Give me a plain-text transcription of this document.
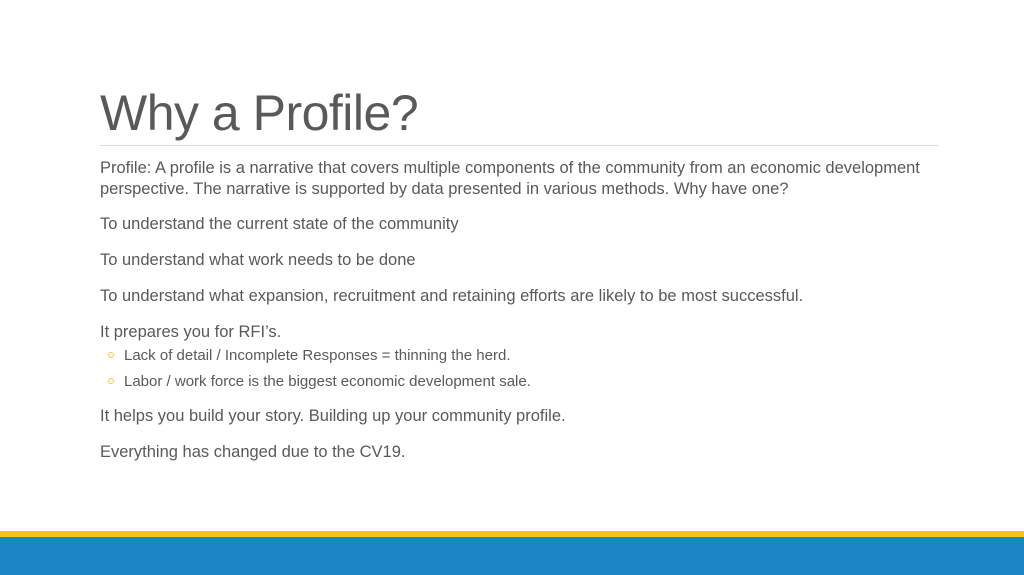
Why a Profile?

Profile: A profile is a narrative that covers multiple components of the community from an economic development perspective. The narrative is supported by data presented in various methods. Why have one?

To understand the current state of the community

To understand what work needs to be done

To understand what expansion, recruitment and retaining efforts are likely to be most successful.

It prepares you for RFI’s.

Lack of detail / Incomplete Responses = thinning the herd.
Labor / work force is the biggest economic development sale.

It helps you build your story. Building up your community profile.

Everything has changed due to the CV19.
